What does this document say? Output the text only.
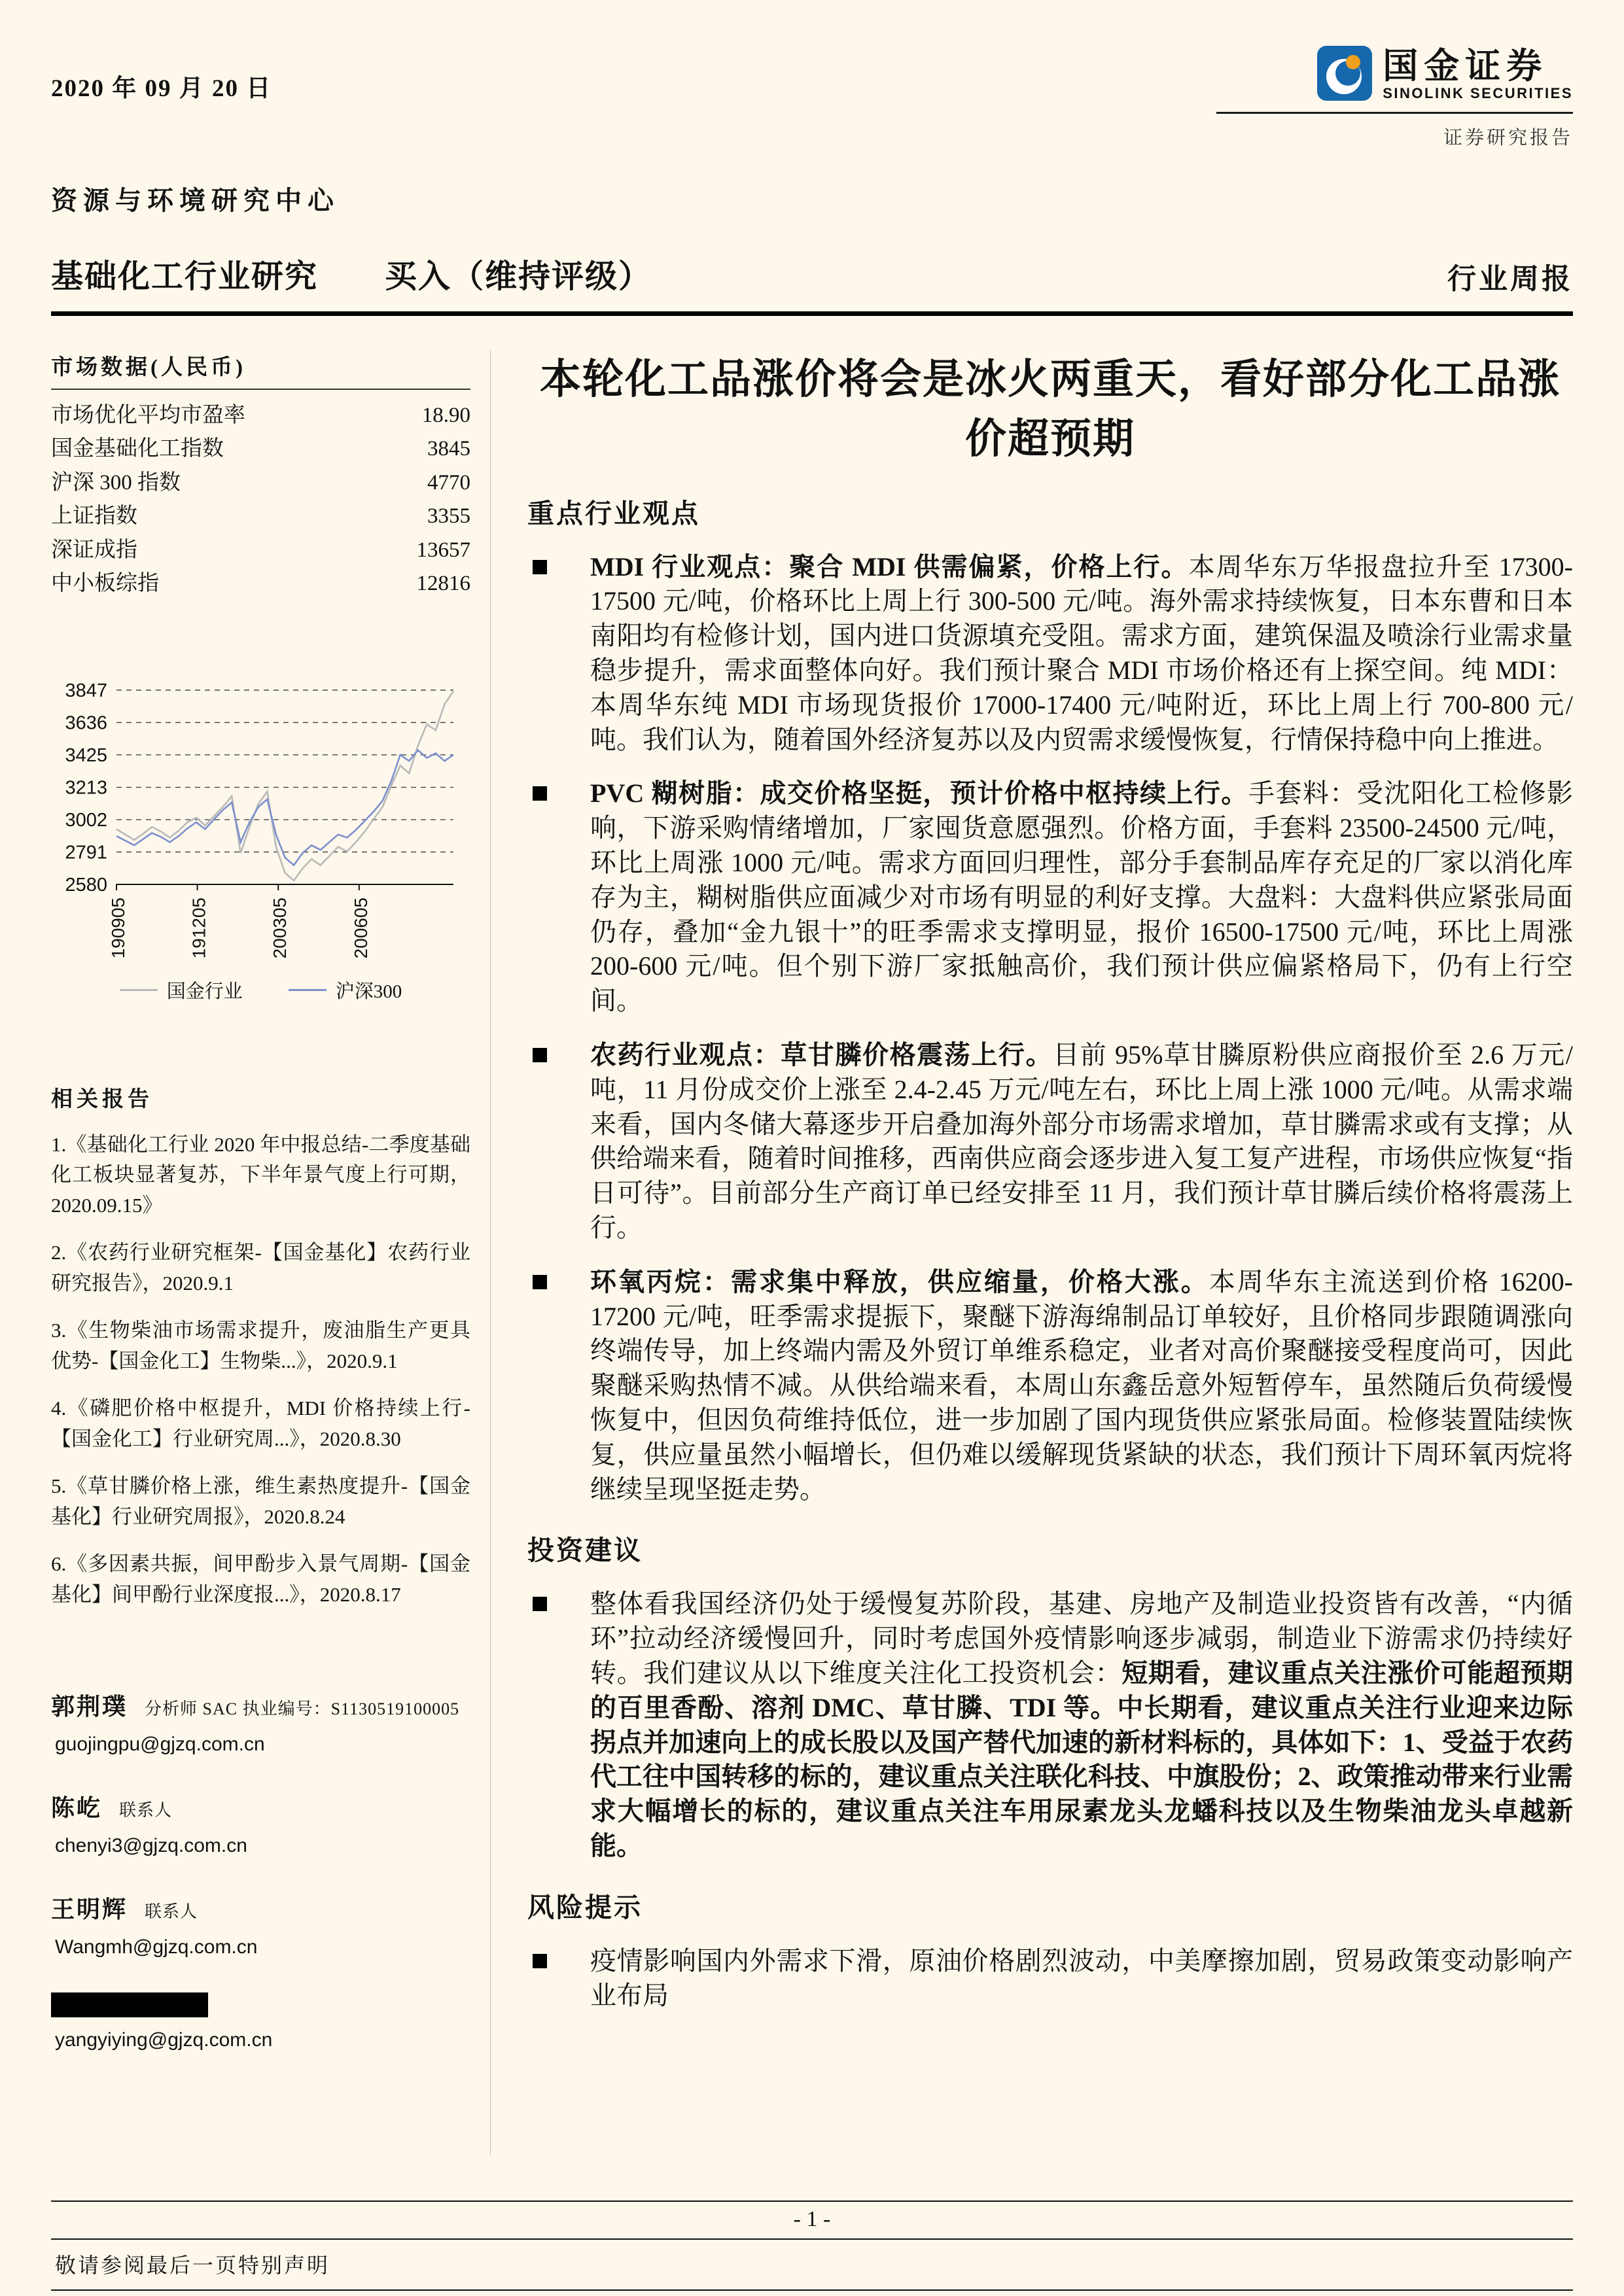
2020 年 09 月 20 日
国金证券
SINOLINK SECURITIES
证券研究报告
资源与环境研究中心
基础化工行业研究　　买入（维持评级）	行业周报
市场数据(人民币)
市场优化平均市盈率	18.90
国金基础化工指数	3845
沪深 300 指数	4770
上证指数	3355
深证成指	13657
中小板综指	12816
2580
2791
3002
3213
3425
3636
3847
190905	191205	200305	200605
国金行业	沪深300
相关报告
1.《基础化工行业 2020 年中报总结-二季度基础化工板块显著复苏，下半年景气度上行可期，2020.09.15》
2.《农药行业研究框架-【国金基化】农药行业研究报告》，2020.9.1
3.《生物柴油市场需求提升，废油脂生产更具优势-【国金化工】生物柴...》，2020.9.1
4.《磷肥价格中枢提升，MDI 价格持续上行-【国金化工】行业研究周...》，2020.8.30
5.《草甘膦价格上涨，维生素热度提升-【国金基化】行业研究周报》，2020.8.24
6.《多因素共振，间甲酚步入景气周期-【国金基化】间甲酚行业深度报...》，2020.8.17
郭荆璞 分析师 SAC 执业编号：S1130519100005
guojingpu@gjzq.com.cn
陈屹 联系人
chenyi3@gjzq.com.cn
王明辉 联系人
Wangmh@gjzq.com.cn
yangyiying@gjzq.com.cn
本轮化工品涨价将会是冰火两重天，看好部分化工品涨价超预期
重点行业观点
MDI 行业观点：聚合 MDI 供需偏紧，价格上行。本周华东万华报盘拉升至 17300-17500 元/吨，价格环比上周上行 300-500 元/吨。海外需求持续恢复，日本东曹和日本南阳均有检修计划，国内进口货源填充受阻。需求方面，建筑保温及喷涂行业需求量稳步提升，需求面整体向好。我们预计聚合 MDI 市场价格还有上探空间。纯 MDI：本周华东纯 MDI 市场现货报价 17000-17400 元/吨附近，环比上周上行 700-800 元/吨。我们认为，随着国外经济复苏以及内贸需求缓慢恢复，行情保持稳中向上推进。
PVC 糊树脂：成交价格坚挺，预计价格中枢持续上行。手套料：受沈阳化工检修影响，下游采购情绪增加，厂家囤货意愿强烈。价格方面，手套料 23500-24500 元/吨，环比上周涨 1000 元/吨。需求方面回归理性，部分手套制品库存充足的厂家以消化库存为主，糊树脂供应面减少对市场有明显的利好支撑。大盘料：大盘料供应紧张局面仍存，叠加“金九银十”的旺季需求支撑明显，报价 16500-17500 元/吨，环比上周涨 200-600 元/吨。但个别下游厂家抵触高价，我们预计供应偏紧格局下，仍有上行空间。
农药行业观点：草甘膦价格震荡上行。目前 95%草甘膦原粉供应商报价至 2.6 万元/吨，11 月份成交价上涨至 2.4-2.45 万元/吨左右，环比上周上涨 1000 元/吨。从需求端来看，国内冬储大幕逐步开启叠加海外部分市场需求增加，草甘膦需求或有支撑；从供给端来看，随着时间推移，西南供应商会逐步进入复工复产进程，市场供应恢复“指日可待”。目前部分生产商订单已经安排至 11 月，我们预计草甘膦后续价格将震荡上行。
环氧丙烷：需求集中释放，供应缩量，价格大涨。本周华东主流送到价格 16200-17200 元/吨，旺季需求提振下，聚醚下游海绵制品订单较好，且价格同步跟随调涨向终端传导，加上终端内需及外贸订单维系稳定，业者对高价聚醚接受程度尚可，因此聚醚采购热情不减。从供给端来看，本周山东鑫岳意外短暂停车，虽然随后负荷缓慢恢复中，但因负荷维持低位，进一步加剧了国内现货供应紧张局面。检修装置陆续恢复，供应量虽然小幅增长，但仍难以缓解现货紧缺的状态，我们预计下周环氧丙烷将继续呈现坚挺走势。
投资建议
整体看我国经济仍处于缓慢复苏阶段，基建、房地产及制造业投资皆有改善，“内循环”拉动经济缓慢回升，同时考虑国外疫情影响逐步减弱，制造业下游需求仍持续好转。我们建议从以下维度关注化工投资机会：短期看，建议重点关注涨价可能超预期的百里香酚、溶剂 DMC、草甘膦、TDI 等。中长期看，建议重点关注行业迎来边际拐点并加速向上的成长股以及国产替代加速的新材料标的，具体如下：1、受益于农药代工往中国转移的标的，建议重点关注联化科技、中旗股份；2、政策推动带来行业需求大幅增长的标的，建议重点关注车用尿素龙头龙蟠科技以及生物柴油龙头卓越新能。
风险提示
疫情影响国内外需求下滑，原油价格剧烈波动，中美摩擦加剧，贸易政策变动影响产业布局
- 1 -
敬请参阅最后一页特别声明
